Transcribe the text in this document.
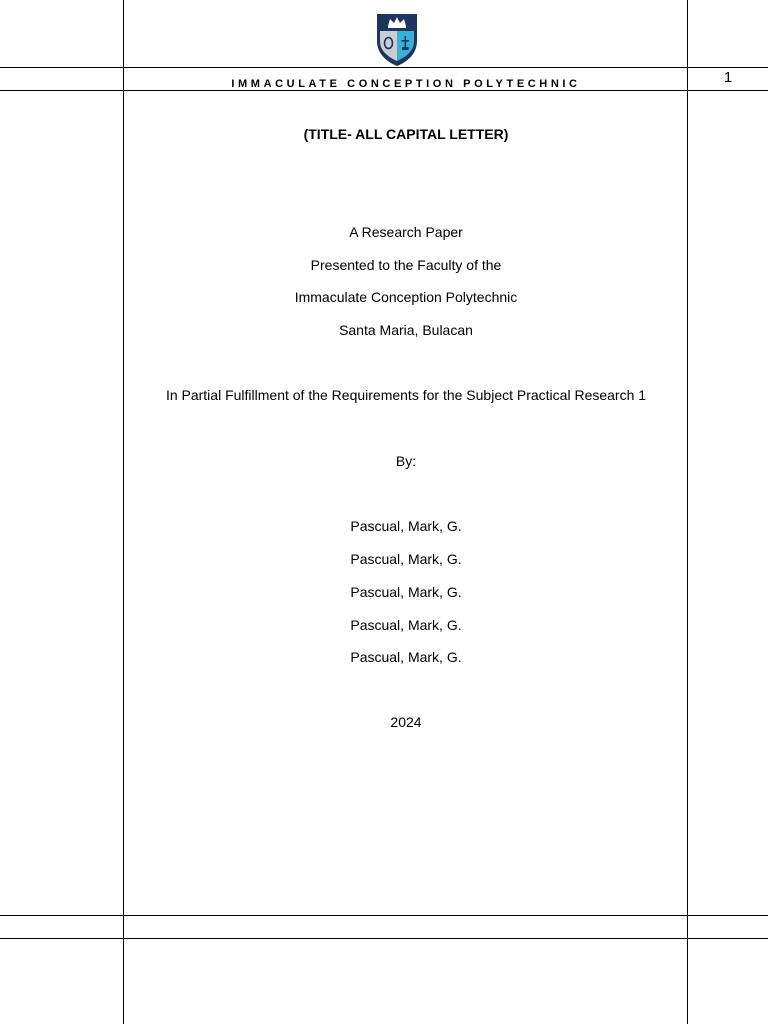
IMMACULATE CONCEPTION POLYTECHNIC	1
(TITLE- ALL CAPITAL LETTER)
A Research Paper
Presented to the Faculty of the
Immaculate Conception Polytechnic
Santa Maria, Bulacan
In Partial Fulfillment of the Requirements for the Subject Practical Research 1
By:
Pascual, Mark, G.
Pascual, Mark, G.
Pascual, Mark, G.
Pascual, Mark, G.
Pascual, Mark, G.
2024
